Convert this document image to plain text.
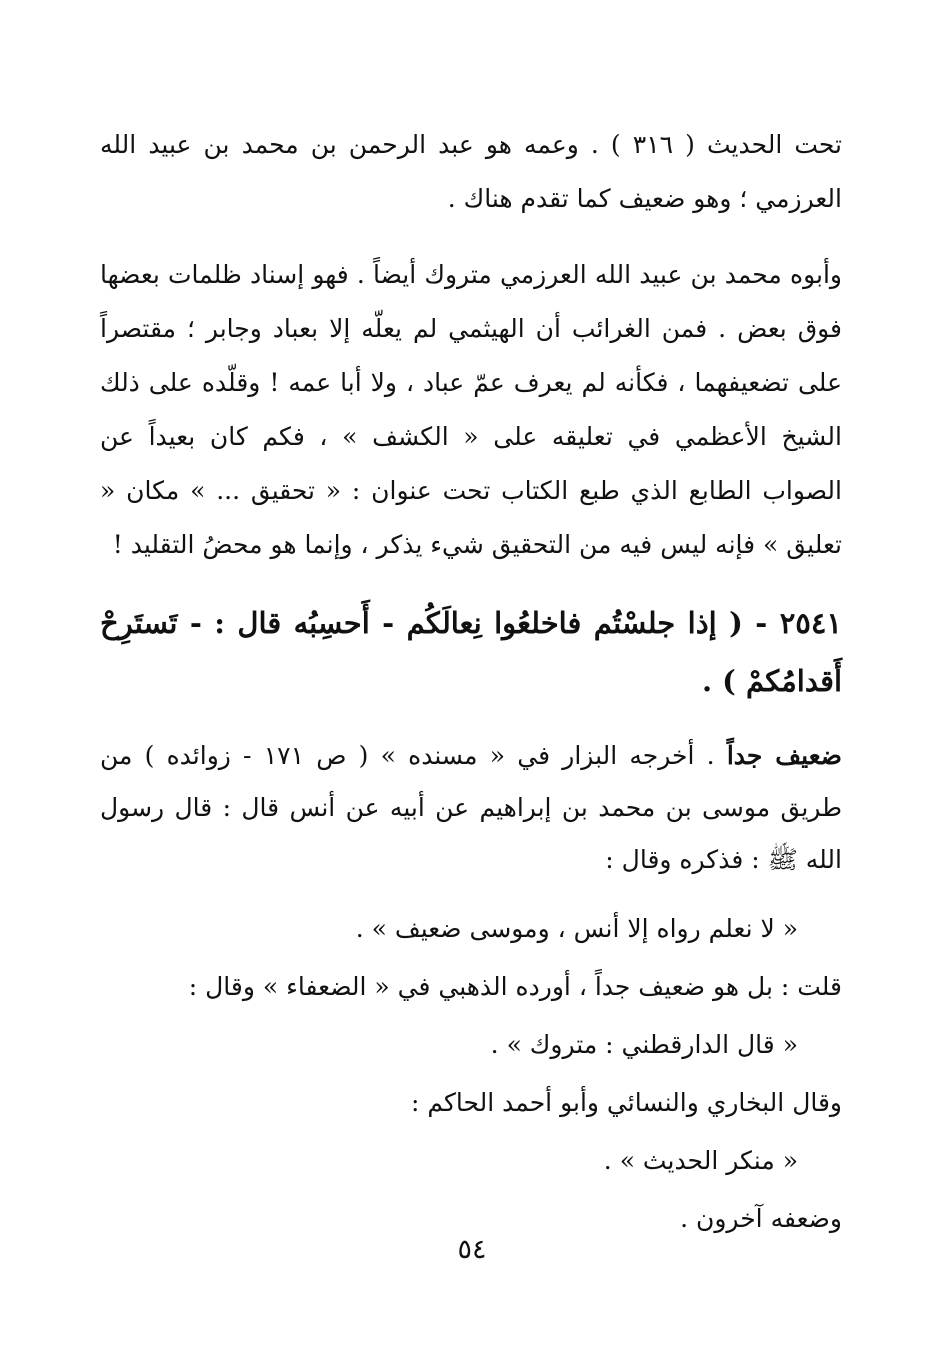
تحت الحديث ( ٣١٦ ) . وعمه هو عبد الرحمن بن محمد بن عبيد الله العرزمي ؛ وهو ضعيف كما تقدم هناك .

وأبوه محمد بن عبيد الله العرزمي متروك أيضاً . فهو إسناد ظلمات بعضها فوق بعض . فمن الغرائب أن الهيثمي لم يعلّه إلا بعباد وجابر ؛ مقتصراً على تضعيفهما ، فكأنه لم يعرف عمّ عباد ، ولا أبا عمه ! وقلّده على ذلك الشيخ الأعظمي في تعليقه على « الكشف » ، فكم كان بعيداً عن الصواب الطابع الذي طبع الكتاب تحت عنوان : « تحقيق ... » مكان « تعليق » فإنه ليس فيه من التحقيق شيء يذكر ، وإنما هو محضُ التقليد !

٢٥٤١ - ( إذا جلسْتُم فاخلعُوا نِعالَكُم - أَحسِبُه قال : - تَستَرِحْ أَقدامُكمْ ) .

ضعيف جداً . أخرجه البزار في « مسنده » ( ص ١٧١ - زوائده ) من طريق موسى بن محمد بن إبراهيم عن أبيه عن أنس قال : قال رسول الله ﷺ : فذكره وقال :

« لا نعلم رواه إلا أنس ، وموسى ضعيف » .

قلت : بل هو ضعيف جداً ، أورده الذهبي في « الضعفاء » وقال :

« قال الدارقطني : متروك » .

وقال البخاري والنسائي وأبو أحمد الحاكم :

« منكر الحديث » .

وضعفه آخرون .

٥٤
